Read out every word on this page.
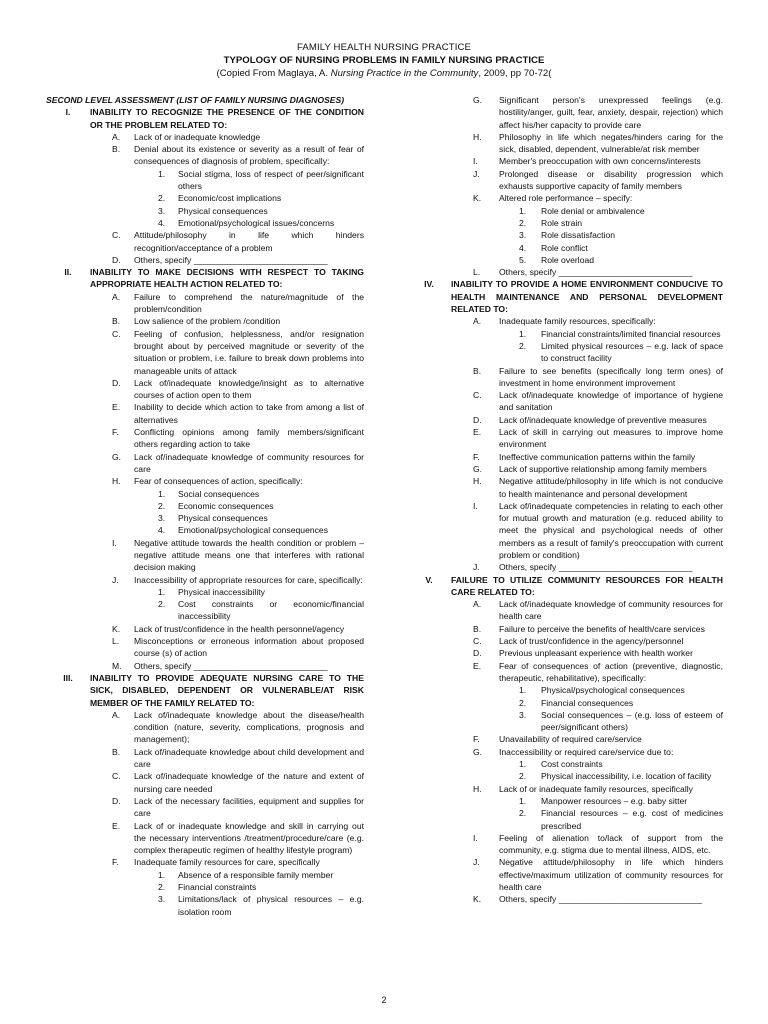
FAMILY HEALTH NURSING PRACTICE
TYPOLOGY OF NURSING PROBLEMS IN FAMILY NURSING PRACTICE
(Copied From Maglaya, A. Nursing Practice in the Community, 2009, pp 70-72(
SECOND LEVEL ASSESSMENT (LIST OF FAMILY NURSING DIAGNOSES)
I.	INABILITY TO RECOGNIZE THE PRESENCE OF THE CONDITION OR THE PROBLEM RELATED TO:
A.	Lack of or inadequate knowledge
B.	Denial about its existence or severity as a result of fear of consequences of diagnosis of problem, specifically:
1.	Social stigma, loss of respect of peer/significant others
2.	Economic/cost implications
3.	Physical consequences
4.	Emotional/psychological issues/concerns
C.	Attitude/philosophy in life which hinders recognition/acceptance of a problem
D.	Others, specify ____________________________
II.	INABILITY TO MAKE DECISIONS WITH RESPECT TO TAKING APPROPRIATE HEALTH ACTION RELATED TO:
A.	Failure to comprehend the nature/magnitude of the problem/condition
B.	Low salience of the problem /condition
C.	Feeling of confusion, helplessness, and/or resignation brought about by perceived magnitude or severity of the situation or problem, i.e. failure to break down problems into manageable units of attack
D.	Lack of/inadequate knowledge/insight as to alternative courses of action open to them
E.	Inability to decide which action to take from among a list of alternatives
F.	Conflicting opinions among family members/significant others regarding action to take
G.	Lack of/inadequate knowledge of community resources for care
H.	Fear of consequences of action, specifically:
1.	Social consequences
2.	Economic consequences
3.	Physical consequences
4.	Emotional/psychological consequences
I.	Negative attitude towards the health condition or problem – negative attitude means one that interferes with rational decision making
J.	Inaccessibility of appropriate resources for care, specifically:
1.	Physical inaccessibility
2.	Cost constraints or economic/financial inaccessibility
K.	Lack of trust/confidence in the health personnel/agency
L.	Misconceptions or erroneous information about proposed course (s) of action
M.	Others, specify ____________________________
III.	INABILITY TO PROVIDE ADEQUATE NURSING CARE TO THE SICK, DISABLED, DEPENDENT OR VULNERABLE/AT RISK MEMBER OF THE FAMILY RELATED TO:
A.	Lack of/inadequate knowledge about the disease/health condition (nature, severity, complications, prognosis and management);
B.	Lack of/inadequate knowledge about child development and care
C.	Lack of/inadequate knowledge of the nature and extent of nursing care needed
D.	Lack of the necessary facilities, equipment and supplies for care
E.	Lack of or inadequate knowledge and skill in carrying out the necessary interventions /treatment/procedure/care (e.g. complex therapeutic regimen of healthy lifestyle program)
F.	Inadequate family resources for care, specifically
1.	Absence of a responsible family member
2.	Financial constraints
3.	Limitations/lack of physical resources – e.g. isolation room
G.	Significant person's unexpressed feelings (e.g. hostility/anger, guilt, fear, anxiety, despair, rejection) which affect his/her capacity to provide care
H.	Philosophy in life which negates/hinders caring for the sick, disabled, dependent, vulnerable/at risk member
I.	Member's preoccupation with own concerns/interests
J.	Prolonged disease or disability progression which exhausts supportive capacity of family members
K.	Altered role performance – specify:
1.	Role denial or ambivalence
2.	Role strain
3.	Role dissatisfaction
4.	Role conflict
5.	Role overload
L.	Others, specify ____________________________
IV.	INABILITY TO PROVIDE A HOME ENVIRONMENT CONDUCIVE TO HEALTH MAINTENANCE AND PERSONAL DEVELOPMENT RELATED TO:
A.	Inadequate family resources, specifically:
1.	Financial constraints/limited financial resources
2.	Limited physical resources – e.g. lack of space to construct facility
B.	Failure to see benefits (specifically long term ones) of investment in home environment improvement
C.	Lack of/inadequate knowledge of importance of hygiene and sanitation
D.	Lack of/inadequate knowledge of preventive measures
E.	Lack of skill in carrying out measures to improve home environment
F.	Ineffective communication patterns within the family
G.	Lack of supportive relationship among family members
H.	Negative attitude/philosophy in life which is not conducive to health maintenance and personal development
I.	Lack of/inadequate competencies in relating to each other for mutual growth and maturation (e.g. reduced ability to meet the physical and psychological needs of other members as a result of family's preoccupation with current problem or condition)
J.	Others, specify ____________________________
V.	FAILURE TO UTILIZE COMMUNITY RESOURCES FOR HEALTH CARE RELATED TO:
A.	Lack of/inadequate knowledge of community resources for health care
B.	Failure to perceive the benefits of health/care services
C.	Lack of trust/confidence in the agency/personnel
D.	Previous unpleasant experience with health worker
E.	Fear of consequences of action (preventive, diagnostic, therapeutic, rehabilitative), specifically:
1.	Physical/psychological consequences
2.	Financial consequences
3.	Social consequences – (e.g. loss of esteem of peer/significant others)
F.	Unavailability of required care/service
G.	Inaccessibility or required care/service due to:
1.	Cost constraints
2.	Physical inaccessibility, i.e. location of facility
H.	Lack of or inadequate family resources, specifically
1.	Manpower resources – e.g. baby sitter
2.	Financial resources – e.g. cost of medicines prescribed
I.	Feeling of alienation to/lack of support from the community, e.g. stigma due to mental illness, AIDS, etc.
J.	Negative attitude/philosophy in life which hinders effective/maximum utilization of community resources for health care
K.	Others, specify ______________________________
2
